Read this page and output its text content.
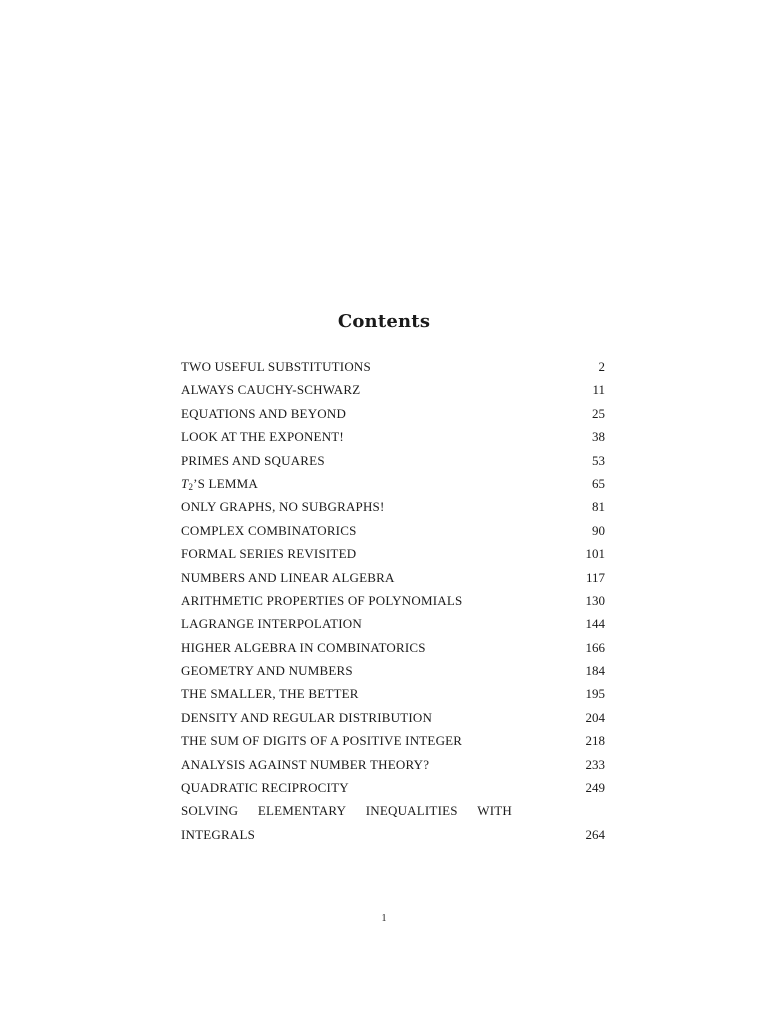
Contents
TWO USEFUL SUBSTITUTIONS	2
ALWAYS CAUCHY-SCHWARZ	11
EQUATIONS AND BEYOND	25
LOOK AT THE EXPONENT!	38
PRIMES AND SQUARES	53
T2’S LEMMA	65
ONLY GRAPHS, NO SUBGRAPHS!	81
COMPLEX COMBINATORICS	90
FORMAL SERIES REVISITED	101
NUMBERS AND LINEAR ALGEBRA	117
ARITHMETIC PROPERTIES OF POLYNOMIALS	130
LAGRANGE INTERPOLATION	144
HIGHER ALGEBRA IN COMBINATORICS	166
GEOMETRY AND NUMBERS	184
THE SMALLER, THE BETTER	195
DENSITY AND REGULAR DISTRIBUTION	204
THE SUM OF DIGITS OF A POSITIVE INTEGER	218
ANALYSIS AGAINST NUMBER THEORY?	233
QUADRATIC RECIPROCITY	249
SOLVING ELEMENTARY INEQUALITIES WITH
INTEGRALS	264
1
